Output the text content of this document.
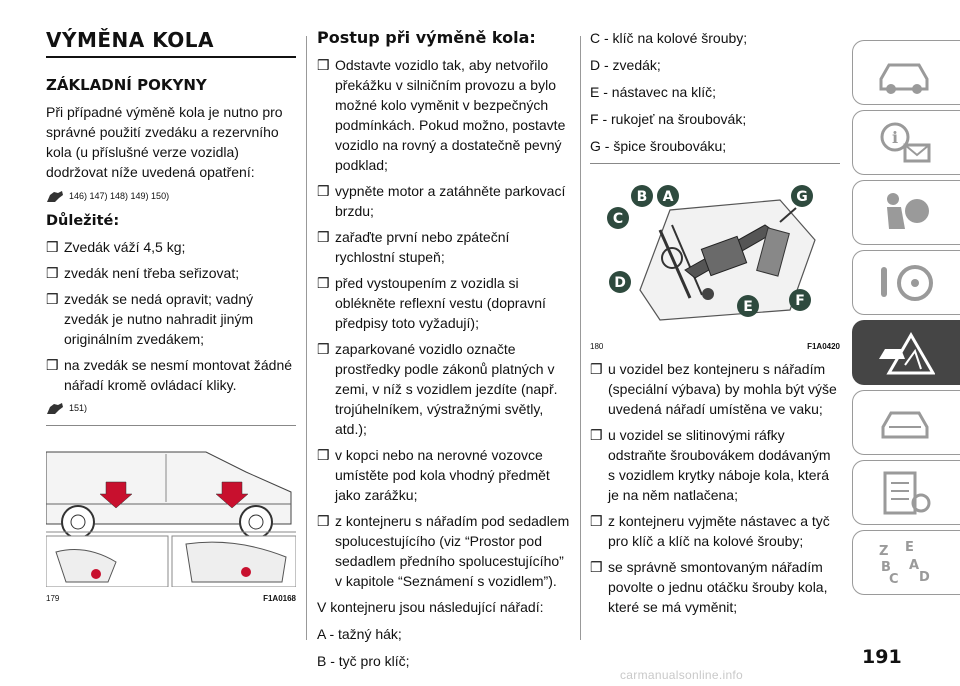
VÝMĚNA KOLA
ZÁKLADNÍ POKYNY

Při případné výměně kola je nutno pro správné použití zvedáku a rezervního kola (u příslušné verze vozidla) dodržovat níže uvedená opatření:

146) 147) 148) 149) 150)
Důležité:
❒ Zvedák váží 4,5 kg;
❒ zvedák není třeba seřizovat;
❒ zvedák se nedá opravit; vadný zvedák je nutno nahradit jiným originálním zvedákem;
❒ na zvedák se nesmí montovat žádné nářadí kromě ovládací kliky.
151)
179	F1A0168
Postup při výměně kola:
❒ Odstavte vozidlo tak, aby netvořilo překážku v silničním provozu a bylo možné kolo vyměnit v bezpečných podmínkách. Pokud možno, postavte vozidlo na rovný a dostatečně pevný podklad;
❒ vypněte motor a zatáhněte parkovací brzdu;
❒ zařaďte první nebo zpáteční rychlostní stupeň;
❒ před vystoupením z vozidla si oblékněte reflexní vestu (dopravní předpisy toto vyžadují);
❒ zaparkované vozidlo označte prostředky podle zákonů platných v zemi, v níž s vozidlem jezdíte (např. trojúhelníkem, výstražnými světly, atd.);
❒ v kopci nebo na nerovné vozovce umístěte pod kola vhodný předmět jako zarážku;
❒ z kontejneru s nářadím pod sedadlem spolucestujícího (viz “Prostor pod sedadlem předního spolucestujícího” v kapitole “Seznámení s vozidlem”).

V kontejneru jsou následující nářadí:

A - tažný hák;

B - tyč pro klíč;

C - klíč na kolové šrouby;

D - zvedák;

E - nástavec na klíč;

F - rukojeť na šroubovák;

G - špice šroubováku;

B A	G
C
D
E	F
180	F1A0420
❒ u vozidel bez kontejneru s nářadím (speciální výbava) by mohla být výše uvedená nářadí umístěna ve vaku;
❒ u vozidel se slitinovými ráfky odstraňte šroubovákem dodávaným s vozidlem krytky náboje kola, která je na něm natlačena;
❒ z kontejneru vyjměte nástavec a tyč pro klíč a klíč na kolové šrouby;
❒ se správně smontovaným nářadím povolte o jednu otáčku šrouby kola, které se má vyměnit;
i
Z E
B A
C D
191
carmanualsonline.info
